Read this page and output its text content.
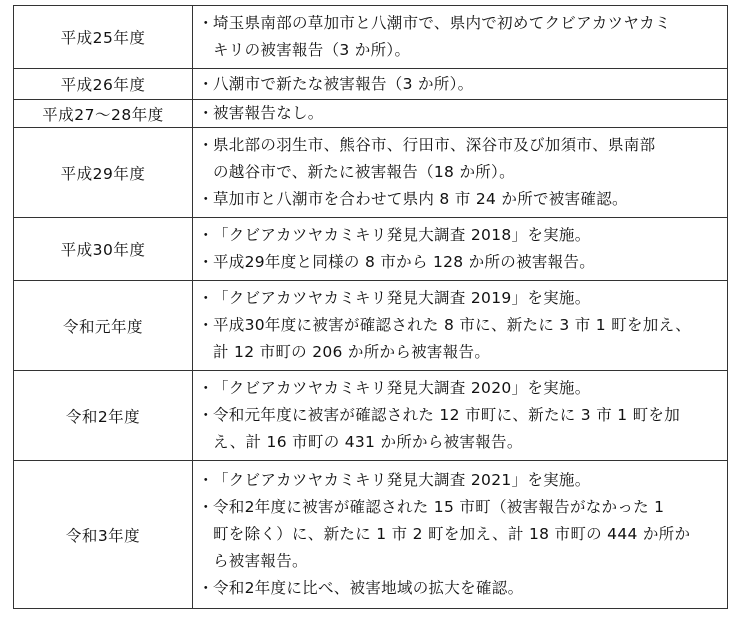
平成25年度	・ 埼玉県南部の草加市と八潮市で、県内で初めてクビアカツヤカミ
キリの被害報告（3 か所）。

平成26年度	・ 八潮市で新たな被害報告（3 か所）。

平成27～28年度	・ 被害報告なし。

平成29年度	
・ 県北部の羽生市、熊谷市、行田市、深谷市及び加須市、県南部
の越谷市で、新たに被害報告（18 か所）。
・ 草加市と八潮市を合わせて県内 8 市 24 か所で被害確認。

平成30年度	・ 「クビアカツヤカミキリ発見大調査 2018」を実施。
・ 平成29年度と同様の 8 市から 128 か所の被害報告。

令和元年度	・ 「クビアカツヤカミキリ発見大調査 2019」を実施。
・ 平成30年度に被害が確認された 8 市に、新たに 3 市 1 町を加え、
計 12 市町の 206 か所から被害報告。

令和2年度	・ 「クビアカツヤカミキリ発見大調査 2020」を実施。
・ 令和元年度に被害が確認された 12 市町に、新たに 3 市 1 町を加
え、計 16 市町の 431 か所から被害報告。

令和3年度	・ 「クビアカツヤカミキリ発見大調査 2021」を実施。
・ 令和2年度に被害が確認された 15 市町（被害報告がなかった 1
町を除く）に、新たに 1 市 2 町を加え、計 18 市町の 444 か所か
ら被害報告。
・ 令和2年度に比べ、被害地域の拡大を確認。
